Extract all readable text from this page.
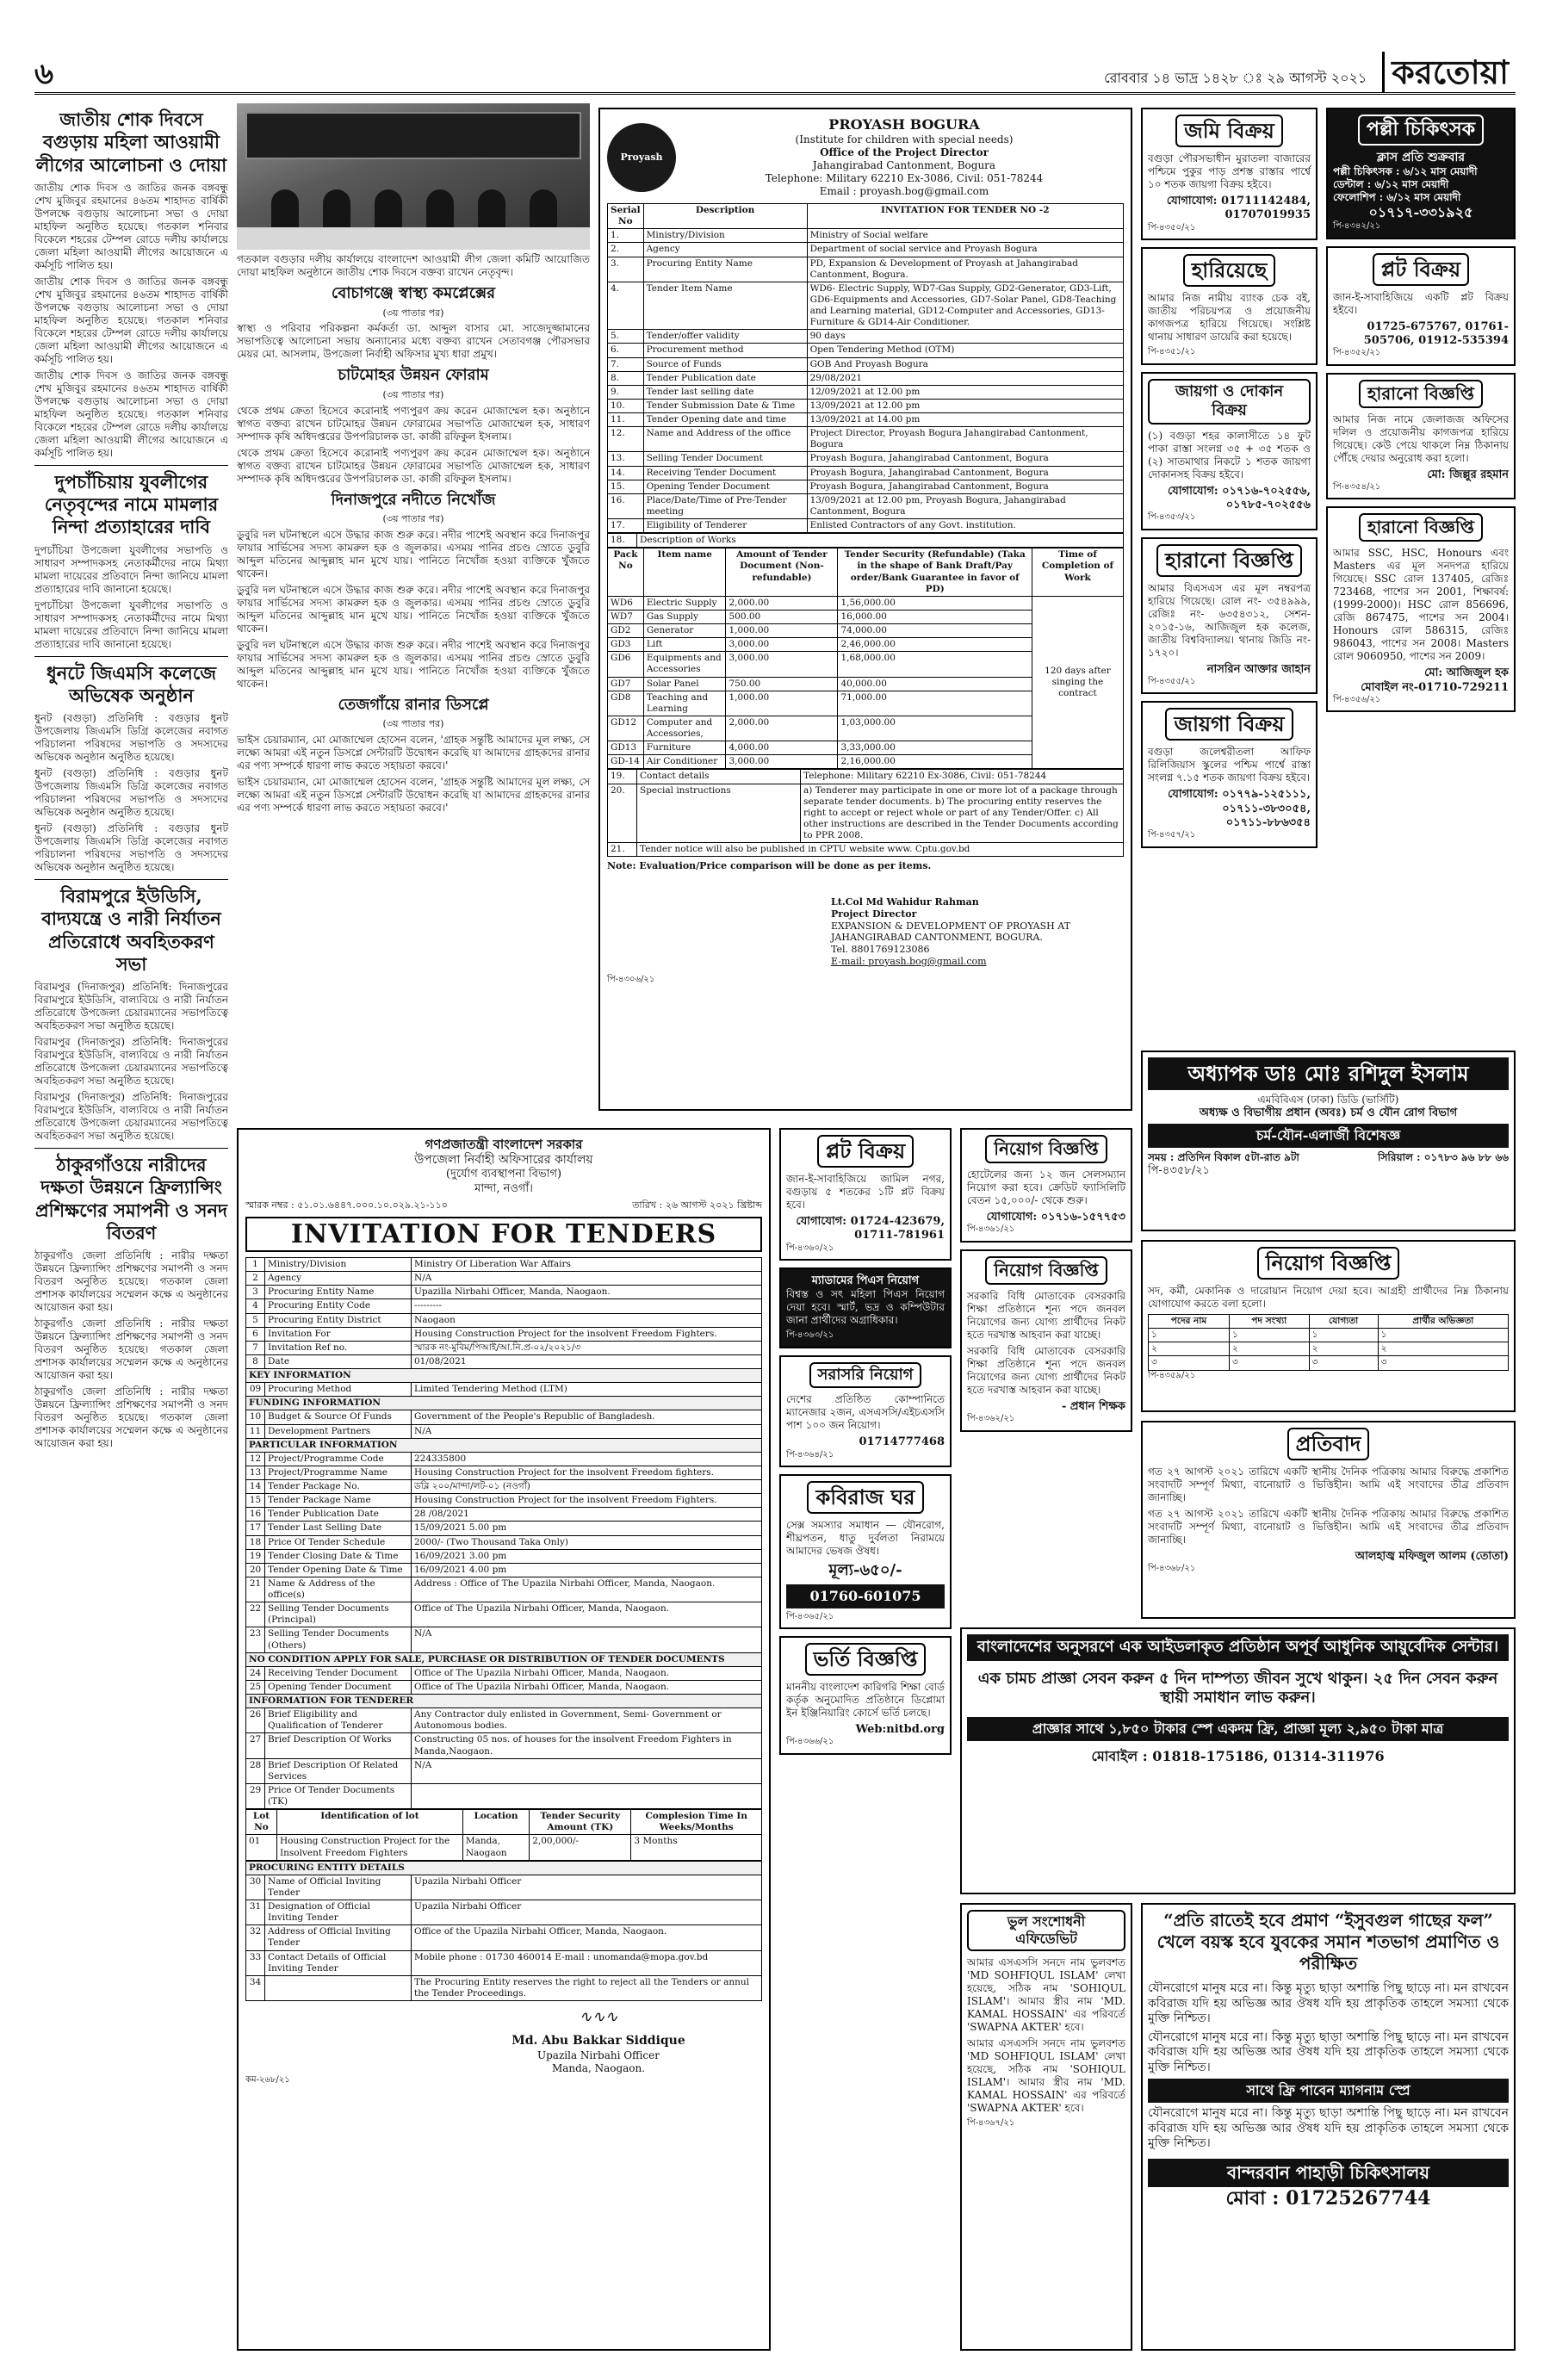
৬	রোববার ১৪ ভাদ্র ১৪২৮ ঃ ২৯ আগস্ট ২০২১ করতোয়া
জাতীয় শোক দিবসে বগুড়ায় মহিলা আওয়ামী লীগের আলোচনা ও দোয়া

জাতীয় শোক দিবস ও জাতির জনক বঙ্গবন্ধু শেখ মুজিবুর রহমানের ৪৬তম শাহাদত বার্ষিকী উপলক্ষে বগুড়ায় আলোচনা সভা ও দোয়া মাহফিল অনুষ্ঠিত হয়েছে। গতকাল শনিবার বিকেলে শহরের টেম্পল রোডে দলীয় কার্যালয়ে জেলা মহিলা আওয়ামী লীগের আয়োজনে এ কর্মসূচি পালিত হয়।

জাতীয় শোক দিবস ও জাতির জনক বঙ্গবন্ধু শেখ মুজিবুর রহমানের ৪৬তম শাহাদত বার্ষিকী উপলক্ষে বগুড়ায় আলোচনা সভা ও দোয়া মাহফিল অনুষ্ঠিত হয়েছে। গতকাল শনিবার বিকেলে শহরের টেম্পল রোডে দলীয় কার্যালয়ে জেলা মহিলা আওয়ামী লীগের আয়োজনে এ কর্মসূচি পালিত হয়।

জাতীয় শোক দিবস ও জাতির জনক বঙ্গবন্ধু শেখ মুজিবুর রহমানের ৪৬তম শাহাদত বার্ষিকী উপলক্ষে বগুড়ায় আলোচনা সভা ও দোয়া মাহফিল অনুষ্ঠিত হয়েছে। গতকাল শনিবার বিকেলে শহরের টেম্পল রোডে দলীয় কার্যালয়ে জেলা মহিলা আওয়ামী লীগের আয়োজনে এ কর্মসূচি পালিত হয়।

দুপচাঁচিয়ায় যুবলীগের নেতৃবৃন্দের নামে মামলার নিন্দা প্রত্যাহারের দাবি

দুপচাঁচিয়া উপজেলা যুবলীগের সভাপতি ও সাধারণ সম্পাদকসহ নেতাকর্মীদের নামে মিথ্যা মামলা দায়েরের প্রতিবাদে নিন্দা জানিয়ে মামলা প্রত্যাহারের দাবি জানানো হয়েছে।

দুপচাঁচিয়া উপজেলা যুবলীগের সভাপতি ও সাধারণ সম্পাদকসহ নেতাকর্মীদের নামে মিথ্যা মামলা দায়েরের প্রতিবাদে নিন্দা জানিয়ে মামলা প্রত্যাহারের দাবি জানানো হয়েছে।

ধুনটে জিএমসি কলেজে অভিষেক অনুষ্ঠান

ধুনট (বগুড়া) প্রতিনিধি : বগুড়ার ধুনট উপজেলায় জিএমসি ডিগ্রি কলেজের নবাগত পরিচালনা পরিষদের সভাপতি ও সদস্যদের অভিষেক অনুষ্ঠান অনুষ্ঠিত হয়েছে।

ধুনট (বগুড়া) প্রতিনিধি : বগুড়ার ধুনট উপজেলায় জিএমসি ডিগ্রি কলেজের নবাগত পরিচালনা পরিষদের সভাপতি ও সদস্যদের অভিষেক অনুষ্ঠান অনুষ্ঠিত হয়েছে।

ধুনট (বগুড়া) প্রতিনিধি : বগুড়ার ধুনট উপজেলায় জিএমসি ডিগ্রি কলেজের নবাগত পরিচালনা পরিষদের সভাপতি ও সদস্যদের অভিষেক অনুষ্ঠান অনুষ্ঠিত হয়েছে।

বিরামপুরে ইউডিসি, বাদ্যযন্ত্রে ও নারী নির্যাতন প্রতিরোধে অবহিতকরণ সভা

বিরামপুর (দিনাজপুর) প্রতিনিধি: দিনাজপুরের বিরামপুরে ইউডিসি, বাল্যবিয়ে ও নারী নির্যাতন প্রতিরোধে উপজেলা চেয়ারম্যানের সভাপতিত্বে অবহিতকরণ সভা অনুষ্ঠিত হয়েছে।

বিরামপুর (দিনাজপুর) প্রতিনিধি: দিনাজপুরের বিরামপুরে ইউডিসি, বাল্যবিয়ে ও নারী নির্যাতন প্রতিরোধে উপজেলা চেয়ারম্যানের সভাপতিত্বে অবহিতকরণ সভা অনুষ্ঠিত হয়েছে।

বিরামপুর (দিনাজপুর) প্রতিনিধি: দিনাজপুরের বিরামপুরে ইউডিসি, বাল্যবিয়ে ও নারী নির্যাতন প্রতিরোধে উপজেলা চেয়ারম্যানের সভাপতিত্বে অবহিতকরণ সভা অনুষ্ঠিত হয়েছে।

ঠাকুরগাঁওয়ে নারীদের দক্ষতা উন্নয়নে ফ্রিল্যান্সিং প্রশিক্ষণের সমাপনী ও সনদ বিতরণ

ঠাকুরগাঁও জেলা প্রতিনিধি : নারীর দক্ষতা উন্নয়নে ফ্রিল্যান্সিং প্রশিক্ষণের সমাপনী ও সনদ বিতরণ অনুষ্ঠিত হয়েছে। গতকাল জেলা প্রশাসক কার্যালয়ের সম্মেলন কক্ষে এ অনুষ্ঠানের আয়োজন করা হয়।

ঠাকুরগাঁও জেলা প্রতিনিধি : নারীর দক্ষতা উন্নয়নে ফ্রিল্যান্সিং প্রশিক্ষণের সমাপনী ও সনদ বিতরণ অনুষ্ঠিত হয়েছে। গতকাল জেলা প্রশাসক কার্যালয়ের সম্মেলন কক্ষে এ অনুষ্ঠানের আয়োজন করা হয়।

ঠাকুরগাঁও জেলা প্রতিনিধি : নারীর দক্ষতা উন্নয়নে ফ্রিল্যান্সিং প্রশিক্ষণের সমাপনী ও সনদ বিতরণ অনুষ্ঠিত হয়েছে। গতকাল জেলা প্রশাসক কার্যালয়ের সম্মেলন কক্ষে এ অনুষ্ঠানের আয়োজন করা হয়।

গতকাল বগুড়ার দলীয় কার্যালয়ে বাংলাদেশ আওয়ামী লীগ জেলা কমিটি আয়োজিত দোয়া মাহফিল অনুষ্ঠানে জাতীয় শোক দিবসে বক্তব্য রাখেন নেতৃবৃন্দ।

বোচাগঞ্জে স্বাস্থ্য কমপ্লেক্সের
(৩য় পাতার পর)

স্বাস্থ্য ও পরিবার পরিকল্পনা কর্মকর্তা ডা. আব্দুল বাসার মো. সাজেদুজ্জামানের সভাপতিত্বে আলোচনা সভায় অন্যান্যের মধ্যে বক্তব্য রাখেন সেতাবগঞ্জ পৌরসভার মেয়র মো. আসলাম, উপজেলা নির্বাহী অফিসার মুখ্য ধারা প্রমুখ।

চাটমোহর উন্নয়ন ফোরাম
(৩য় পাতার পর)

থেকে প্রথম ক্রেতা হিসেবে করোনাই পণ্যপুরণ ক্রয় করেন মোজাম্মেল হক। অনুষ্ঠানে স্বাগত বক্তব্য রাখেন চাটমোহর উন্নয়ন ফোরামের সভাপতি মোজাম্মেল হক, সাধারণ সম্পাদক কৃষি অধিদপ্তরের উপপরিচালক ডা. কাজী রফিকুল ইসলাম।

থেকে প্রথম ক্রেতা হিসেবে করোনাই পণ্যপুরণ ক্রয় করেন মোজাম্মেল হক। অনুষ্ঠানে স্বাগত বক্তব্য রাখেন চাটমোহর উন্নয়ন ফোরামের সভাপতি মোজাম্মেল হক, সাধারণ সম্পাদক কৃষি অধিদপ্তরের উপপরিচালক ডা. কাজী রফিকুল ইসলাম।

দিনাজপুরে নদীতে নিখোঁজ
(৩য় পাতার পর)

ডুবুরি দল ঘটনাস্থলে এসে উদ্ধার কাজ শুরু করে। নদীর পাশেই অবস্থান করে দিনাজপুর ফায়ার সার্ভিসের সদস্য কামরুল হক ও জুলকার। এসময় পানির প্রচণ্ড স্রোতে ডুবুরি আব্দুল মতিনের আব্দুল্লাহ মান মুখে যায়। পানিতে নিখোঁজ হওয়া ব্যক্তিকে খুঁজতে থাকেন।

ডুবুরি দল ঘটনাস্থলে এসে উদ্ধার কাজ শুরু করে। নদীর পাশেই অবস্থান করে দিনাজপুর ফায়ার সার্ভিসের সদস্য কামরুল হক ও জুলকার। এসময় পানির প্রচণ্ড স্রোতে ডুবুরি আব্দুল মতিনের আব্দুল্লাহ মান মুখে যায়। পানিতে নিখোঁজ হওয়া ব্যক্তিকে খুঁজতে থাকেন।

ডুবুরি দল ঘটনাস্থলে এসে উদ্ধার কাজ শুরু করে। নদীর পাশেই অবস্থান করে দিনাজপুর ফায়ার সার্ভিসের সদস্য কামরুল হক ও জুলকার। এসময় পানির প্রচণ্ড স্রোতে ডুবুরি আব্দুল মতিনের আব্দুল্লাহ মান মুখে যায়। পানিতে নিখোঁজ হওয়া ব্যক্তিকে খুঁজতে থাকেন।

তেজগাঁয়ে রানার ডিসপ্লে
(৩য় পাতার পর)

ভাইস চেয়ারম্যান, মো মোজাম্মেল হোসেন বলেন, 'গ্রাহক সন্তুষ্টি আমাদের মূল লক্ষ্য, সে লক্ষ্যে আমরা এই নতুন ডিসপ্লে সেন্টারটি উদ্বোধন করেছি যা আমাদের গ্রাহকদের রানার এর পণ্য সম্পর্কে ধারণা লাভ করতে সহায়তা করবে।'

ভাইস চেয়ারম্যান, মো মোজাম্মেল হোসেন বলেন, 'গ্রাহক সন্তুষ্টি আমাদের মূল লক্ষ্য, সে লক্ষ্যে আমরা এই নতুন ডিসপ্লে সেন্টারটি উদ্বোধন করেছি যা আমাদের গ্রাহকদের রানার এর পণ্য সম্পর্কে ধারণা লাভ করতে সহায়তা করবে।'

Proyash
PROYASH BOGURA
(Institute for children with special needs)
Office of the Project Director
Jahangirabad Cantonment, Bogura
Telephone: Military 62210 Ex-3086, Civil: 051-78244
Email : proyash.bog@gmail.com
Serial No	Description	INVITATION FOR TENDER NO -2
1.	Ministry/Division	Ministry of Social welfare
2.	Agency	Department of social service and Proyash Bogura
3.	Procuring Entity Name	PD, Expansion & Development of Proyash at Jahangirabad Cantonment, Bogura.
4.	Tender Item Name	WD6- Electric Supply, WD7-Gas Supply, GD2-Generator, GD3-Lift, GD6-Equipments and Accessories, GD7-Solar Panel, GD8-Teaching and Learning material, GD12-Computer and Accessories, GD13-Furniture & GD14-Air Conditioner.
5.	Tender/offer validity	90 days
6.	Procurement method	Open Tendering Method (OTM)
7.	Source of Funds	GOB And Proyash Bogura
8.	Tender Publication date	29/08/2021
9.	Tender last selling date	12/09/2021 at 12.00 pm
10.	Tender Submission Date & Time	13/09/2021 at 12.00 pm
11.	Tender Opening date and time	13/09/2021 at 14.00 pm
12.	Name and Address of the office	Project Director, Proyash Bogura Jahangirabad Cantonment, Bogura
13.	Selling Tender Document	Proyash Bogura, Jahangirabad Cantonment, Bogura
14.	Receiving Tender Document	Proyash Bogura, Jahangirabad Cantonment, Bogura
15.	Opening Tender Document	Proyash Bogura, Jahangirabad Cantonment, Bogura
16.	Place/Date/Time of Pre-Tender meeting	13/09/2021 at 12.00 pm, Proyash Bogura, Jahangirabad Cantonment, Bogura
17.	Eligibility of Tenderer	Enlisted Contractors of any Govt. institution.
18.	Description of Works
Pack No	Item name	Amount of Tender Document (Non-refundable)	Tender Security (Refundable) (Taka in the shape of Bank Draft/Pay order/Bank Guarantee in favor of PD)	Time of Completion of Work
WD6	Electric Supply	2,000.00	1,56,000.00	120 days after singing the contract
WD7	Gas Supply	500.00	16,000.00	
GD2	Generator	1,000.00	74,000.00	
GD3	Lift	3,000.00	2,46,000.00	
GD6	Equipments and Accessories	3,000.00	1,68,000.00	
GD7	Solar Panel	750.00	40,000.00	
GD8	Teaching and Learning	1,000.00	71,000.00	
GD12	Computer and Accessories,	2,000.00	1,03,000.00	
GD13	Furniture	4,000.00	3,33,000.00	
GD-14	Air Conditioner	3,000.00	2,16,000.00	
19.	Contact details	Telephone: Military 62210 Ex-3086, Civil: 051-78244
20.	Special instructions	a) Tenderer may participate in one or more lot of a package through separate tender documents. b) The procuring entity reserves the right to accept or reject whole or part of any Tender/Offer. c) All other instructions are described in the Tender Documents according to PPR 2008.
21.	Tender notice will also be published in CPTU website www. Cptu.gov.bd	
Note: Evaluation/Price comparison will be done as per items.
Lt.Col Md Wahidur Rahman
Project Director
EXPANSION & DEVELOPMENT OF PROYASH AT JAHANGIRABAD CANTONMENT, BOGURA.
Tel. 8801769123086
E-mail: proyash.bog@gmail.com
পি-৪৩০৬/২১
গণপ্রজাতন্ত্রী বাংলাদেশ সরকার
উপজেলা নির্বাহী অফিসারের কার্যালয়
(দুর্যোগ ব্যবস্থাপনা বিভাগ)
মান্দা, নওগাঁ।
স্মারক নম্বর : ৫১.০১.৬৪৪৭.০০০.১০.০২৯.২১-১১০	তারিখ : ২৬ আগস্ট ২০২১ খ্রিষ্টাব্দ
INVITATION FOR TENDERS
1	Ministry/Division	Ministry Of Liberation War Affairs
2	Agency	N/A
3	Procuring Entity Name	Upazilla Nirbahi Officer, Manda, Naogaon.
4	Procuring Entity Code	---------
5	Procuring Entity District	Naogaon
6	Invitation For	Housing Construction Project for the insolvent Freedom Fighters.
7	Invitation Ref no.	স্মারক নং-মুবিম/পিআই/আ.নি.প্র-০২/২০২১/৩
8	Date	01/08/2021
KEY INFORMATION		
09	Procuring Method	Limited Tendering Method (LTM)
FUNDING INFORMATION		
10	Budget & Source Of Funds	Government of the People's Republic of Bangladesh.
11	Development Partners	N/A
PARTICULAR INFORMATION		
12	Project/Programme Code	224335800
13	Project/Programme Name	Housing Construction Project for the insolvent Freedom fighters.
14	Tender Package No.	ডব্লি ২০০/মান্দা/লট-০১ (নওগাঁ)
15	Tender Package Name	Housing Construction Project for the insolvent Freedom Fighters.
16	Tender Publication Date	28 /08/2021
17	Tender Last Selling Date	15/09/2021 5.00 pm
18	Price Of Tender Schedule	2000/- (Two Thousand Taka Only)
19	Tender Closing Date & Time	16/09/2021 3.00 pm
20	Tender Opening Date & Time	16/09/2021 4.00 pm
21	Name & Address of the office(s)	Address : Office of The Upazila Nirbahi Officer, Manda, Naogaon.
22	Selling Tender Documents (Principal)	Office of The Upazila Nirbahi Officer, Manda, Naogaon.
23	Selling Tender Documents (Others)	N/A
NO CONDITION APPLY FOR SALE, PURCHASE OR DISTRIBUTION OF TENDER DOCUMENTS		
24	Receiving Tender Document	Office of The Upazila Nirbahi Officer, Manda, Naogaon.
25	Opening Tender Document	Office of The Upazila Nirbahi Officer, Manda, Naogaon.
INFORMATION FOR TENDERER		
26	Brief Eligibility and Qualification of Tenderer	Any Contractor duly enlisted in Government, Semi- Government or Autonomous bodies.
27	Brief Description Of Works	Constructing 05 nos. of houses for the insolvent Freedom Fighters in Manda,Naogaon.
28	Brief Description Of Related Services	N/A
29	Price Of Tender Documents (TK)	
Lot No	Identification of lot	Location	Tender Security Amount (TK)	Complesion Time In Weeks/Months
01	Housing Construction Project for the Insolvent Freedom Fighters	Manda, Naogaon	2,00,000/-	3 Months
PROCURING ENTITY DETAILS		
30	Name of Official Inviting Tender	Upazila Nirbahi Officer
31	Designation of Official Inviting Tender	Upazila Nirbahi Officer
32	Address of Official Inviting Tender	Office of the Upazila Nirbahi Officer, Manda, Naogaon.
33	Contact Details of Official Inviting Tender	Mobile phone : 01730 460014 E-mail : unomanda@mopa.gov.bd
34		The Procuring Entity reserves the right to reject all the Tenders or annul the Tender Proceedings.
∿∿∿
Md. Abu Bakkar Siddique
Upazila Nirbahi Officer
Manda, Naogaon.
কম-২৬৮/২১
জমি বিক্রয়

বগুড়া পৌরসভাধীন মুরাতলা বাজারের পশ্চিমে পুকুর পাড় প্রশস্ত রাস্তার পার্শ্বে ১০ শতক জায়গা বিক্রয় হইবে।

যোগাযোগ: 01711142484, 01707019935
পি-৪৩৫০/২১
হারিয়েছে

আমার নিজ নামীয় ব্যাংক চেক বই, জাতীয় পরিচয়পত্র ও প্রয়োজনীয় কাগজপত্র হারিয়ে গিয়েছে। সংশ্লিষ্ট থানায় সাধারণ ডায়েরি করা হয়েছে।

পি-৪৩৫১/২১
জায়গা ও দোকান বিক্রয়

(১) বগুড়া শহর কালাসীতে ১৪ ফুট পাকা রাস্তা সংলগ্ন ৩৫ + ৩৫ শতক ও (২) সাতমাথার নিকটে ১ শতক জায়গা দোকানসহ বিক্রয় হইবে।

যোগাযোগ: ০১৭১৬-৭০২৫৫৬, ০১৭৮৫-৭০২৫৫৬
পি-৪৩৫৩/২১
হারানো বিজ্ঞপ্তি

আমার বিএসএস এর মূল নম্বরপত্র হারিয়ে গিয়েছে। রোল নং- ৩৫৪৯৯৯, রেজিঃ নং- ৬৩৫৪৩১২, সেশন- ২০১৫-১৬, আজিজুল হক কলেজ, জাতীয় বিশ্ববিদ্যালয়। থানায় জিডি নং- ১৭২০।

নাসরিন আক্তার জাহান
পি-৪৩৫৫/২১
জায়গা বিক্রয়

বগুড়া জলেশ্বরীতলা আফিফ রিলিজিয়াস স্কুলের পশ্চিম পার্শ্বে রাস্তা সংলগ্ন ৭.১৫ শতক জায়গা বিক্রয় হইবে।

যোগাযোগ: ০১৭৭৯-১২৫১১১, ০১৭১১-৩৮৩০৫৪, ০১৭১১-৮৮৬৩৫৪
পি-৪৩৫৭/২১
পল্লী চিকিৎসক
ক্লাস প্রতি শুক্রবার
পল্লী চিকিৎসক : ৬/১২ মাস মেয়াদী
ডেন্টাল : ৬/১২ মাস মেয়াদী
ফেলোশিপ : ৬/১২ মাস মেয়াদী
০১৭১৭-৩৩১৯২৫
পি-৪৩৪২/২১
প্লট বিক্রয়

জান-ই-সাবাহিজিয়ে একটি প্লট বিক্রয় হইবে।

01725-675767, 01761-505706, 01912-535394
পি-৪৩৫২/২১
হারানো বিজ্ঞপ্তি

আমার নিজ নামে জেলাজজ অফিসের দলিল ও প্রয়োজনীয় কাগজপত্র হারিয়ে গিয়েছে। কেউ পেয়ে থাকলে নিম্ন ঠিকানায় পৌঁছে দেয়ার অনুরোধ করা হলো।

মো: জিল্লুর রহমান
পি-৪৩৫৪/২১
হারানো বিজ্ঞপ্তি

আমার SSC, HSC, Honours এবং Masters এর মূল সনদপত্র হারিয়ে গিয়েছে। SSC রোল 137405, রেজিঃ 723468, পাশের সন 2001, শিক্ষাবর্ষ: (1999-2000)। HSC রোল 856696, রেজি 867475, পাশের সন 2004। Honours রোল 586315, রেজিঃ 986043, পাশের সন 2008। Masters রোল 9060950, পাশের সন 2009।

মো: আজিজুল হক
মোবাইল নং-01710-729211
পি-৪৩৫৬/২১
অধ্যাপক ডাঃ মোঃ রশিদুল ইসলাম
এমবিবিএস (ঢাকা) ডিডি (ভার্সিটি)
অধ্যক্ষ ও বিভাগীয় প্রধান (অবঃ) চর্ম ও যৌন রোগ বিভাগ
চর্ম-যৌন-এলার্জী বিশেষজ্ঞ
সময় : প্রতিদিন বিকাল ৫টা-রাত ৯টা	সিরিয়াল : ০১৭৮৩ ৯৬ ৮৮ ৬৬
পি-৪৩৫৮/২১
নিয়োগ বিজ্ঞপ্তি

সদ, কর্মী, মেকানিক ও দারোয়ান নিয়োগ দেয়া হবে। আগ্রহী প্রার্থীদের নিম্ন ঠিকানায় যোগাযোগ করতে বলা হলো।

পদের নাম	পদ সংখ্যা	যোগ্যতা	প্রার্থীর অভিজ্ঞতা
১	১	১	১
২	২	২	২
৩	৩	৩	৩
পি-৪৩৫৯/২১
প্রতিবাদ

গত ২৭ আগস্ট ২০২১ তারিখে একটি স্থানীয় দৈনিক পত্রিকায় আমার বিরুদ্ধে প্রকাশিত সংবাদটি সম্পূর্ণ মিথ্যা, বানোয়াট ও ভিত্তিহীন। আমি এই সংবাদের তীব্র প্রতিবাদ জানাচ্ছি।

গত ২৭ আগস্ট ২০২১ তারিখে একটি স্থানীয় দৈনিক পত্রিকায় আমার বিরুদ্ধে প্রকাশিত সংবাদটি সম্পূর্ণ মিথ্যা, বানোয়াট ও ভিত্তিহীন। আমি এই সংবাদের তীব্র প্রতিবাদ জানাচ্ছি।

আলহাজ্ব মফিজুল আলম (তোতা)
পি-৪৩৬৮/২১
প্লট বিক্রয়

জান-ই-সাবাহিজিয়ে জামিল নগর, বগুড়ায় ৫ শতকের ১টি প্লট বিক্রয় হবে।

যোগাযোগ: 01724-423679, 01711-781961
পি-৪৩৬০/২১
ম্যাডামের পিএস নিয়োগ

বিশ্বস্ত ও সৎ মহিলা পিএস নিয়োগ দেয়া হবে। স্মার্ট, ভদ্র ও কম্পিউটার জানা প্রার্থীদের অগ্রাধিকার।

পি-৪৩৬৩/২১
সরাসরি নিয়োগ

দেশের প্রতিষ্ঠিত কোম্পানিতে ম্যানেজার ২জন, এসএসসি/এইচএসসি পাশ ১০০ জন নিয়োগ।

01714777468
পি-৪৩৬৪/২১
কবিরাজ ঘর

সেক্স সমস্যার সমাধান — যৌনরোগ, শীঘ্রপতন, ধাতু দুর্বলতা নিরাময়ে আমাদের ভেষজ ঔষধ।

মূল্য-৬৫০/-
01760-601075
পি-৪৩৬৫/২১
ভর্তি বিজ্ঞপ্তি

মাননীয় বাংলাদেশ কারিগরি শিক্ষা বোর্ড কর্তৃক অনুমোদিত প্রতিষ্ঠানে ডিপ্লোমা ইন ইঞ্জিনিয়ারিং কোর্সে ভর্তি চলছে।

Web:nitbd.org
পি-৪৩৬৬/২১
নিয়োগ বিজ্ঞপ্তি

হোটেলের জন্য ১২ জন সেলসম্যান নিয়োগ করা হবে। ক্রেডিট ফ্যাসিলিটি বেতন ১৫,০০০/- থেকে শুরু।

যোগাযোগ: ০১৭১৬-১৫৭৭৫৩
পি-৪৩৬১/২১
নিয়োগ বিজ্ঞপ্তি

সরকারি বিধি মোতাবেক বেসরকারি শিক্ষা প্রতিষ্ঠানে শূন্য পদে জনবল নিয়োগের জন্য যোগ্য প্রার্থীদের নিকট হতে দরখাস্ত আহবান করা যাচ্ছে।

সরকারি বিধি মোতাবেক বেসরকারি শিক্ষা প্রতিষ্ঠানে শূন্য পদে জনবল নিয়োগের জন্য যোগ্য প্রার্থীদের নিকট হতে দরখাস্ত আহবান করা যাচ্ছে।

- প্রধান শিক্ষক
পি-৪৩৬২/২১
ভুল সংশোধনী এফিডেভিট

আমার এসএসসি সনদে নাম ভুলবশত 'MD SOHFIQUL ISLAM' লেখা হয়েছে, সঠিক নাম 'SOHIQUL ISLAM'। আমার স্ত্রীর নাম 'MD. KAMAL HOSSAIN' এর পরিবর্তে 'SWAPNA AKTER' হবে।

আমার এসএসসি সনদে নাম ভুলবশত 'MD SOHFIQUL ISLAM' লেখা হয়েছে, সঠিক নাম 'SOHIQUL ISLAM'। আমার স্ত্রীর নাম 'MD. KAMAL HOSSAIN' এর পরিবর্তে 'SWAPNA AKTER' হবে।

পি-৪৩৬৭/২১
বাংলাদেশের অনুসরণে এক আইডলাকৃত প্রতিষ্ঠান অপূর্ব আধুনিক আয়ুর্বেদিক সেন্টার।
এক চামচ প্রাজ্ঞা সেবন করুন ৫ দিন দাম্পত্য জীবন সুখে থাকুন। ২৫ দিন সেবন করুন স্থায়ী সমাধান লাভ করুন।
প্রাজ্ঞার সাথে ১,৮৫০ টাকার স্পে একদম ফ্রি, প্রাজ্ঞা মূল্য ২,৯৫০ টাকা মাত্র
মোবাইল : 01818-175186, 01314-311976
“প্রতি রাতেই হবে প্রমাণ “ইসুবগুল গাছের ফল” খেলে বয়স্ক হবে যুবকের সমান শতভাগ প্রমাণিত ও পরীক্ষিত

যৌনরোগে মানুষ মরে না। কিন্তু মৃত্যু ছাড়া অশান্তি পিছু ছাড়ে না। মন রাখবেন কবিরাজ যদি হয় অভিজ্ঞ আর ঔষধ যদি হয় প্রাকৃতিক তাহলে সমস্যা থেকে মুক্তি নিশ্চিত।

যৌনরোগে মানুষ মরে না। কিন্তু মৃত্যু ছাড়া অশান্তি পিছু ছাড়ে না। মন রাখবেন কবিরাজ যদি হয় অভিজ্ঞ আর ঔষধ যদি হয় প্রাকৃতিক তাহলে সমস্যা থেকে মুক্তি নিশ্চিত।

সাথে ফ্রি পাবেন ম্যাগনাম স্প্রে

যৌনরোগে মানুষ মরে না। কিন্তু মৃত্যু ছাড়া অশান্তি পিছু ছাড়ে না। মন রাখবেন কবিরাজ যদি হয় অভিজ্ঞ আর ঔষধ যদি হয় প্রাকৃতিক তাহলে সমস্যা থেকে মুক্তি নিশ্চিত।

বান্দরবান পাহাড়ী চিকিৎসালয়
মোবা : 01725267744
